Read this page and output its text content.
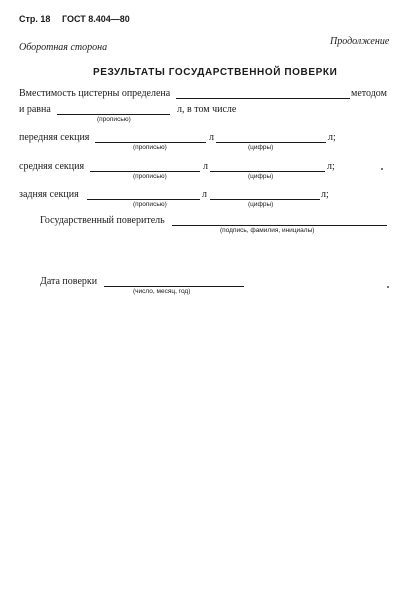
Стр. 18 ГОСТ 8.404—80
Продолжение
Оборотная сторона
РЕЗУЛЬТАТЫ ГОСУДАРСТВЕННОЙ ПОВЕРКИ
Вместимость цистерны определена	методом
и равна	л, в том числе
(прописью)
передняя секция	л	л;
(прописью)	(цифры)
средняя секция	л	л;
(прописью)	(цифры)
задняя секция	л	л;
(прописью)	(цифры)
Государственный поверитель
(подпись, фамилия, инициалы)
Дата поверки
(число, месяц, год)
